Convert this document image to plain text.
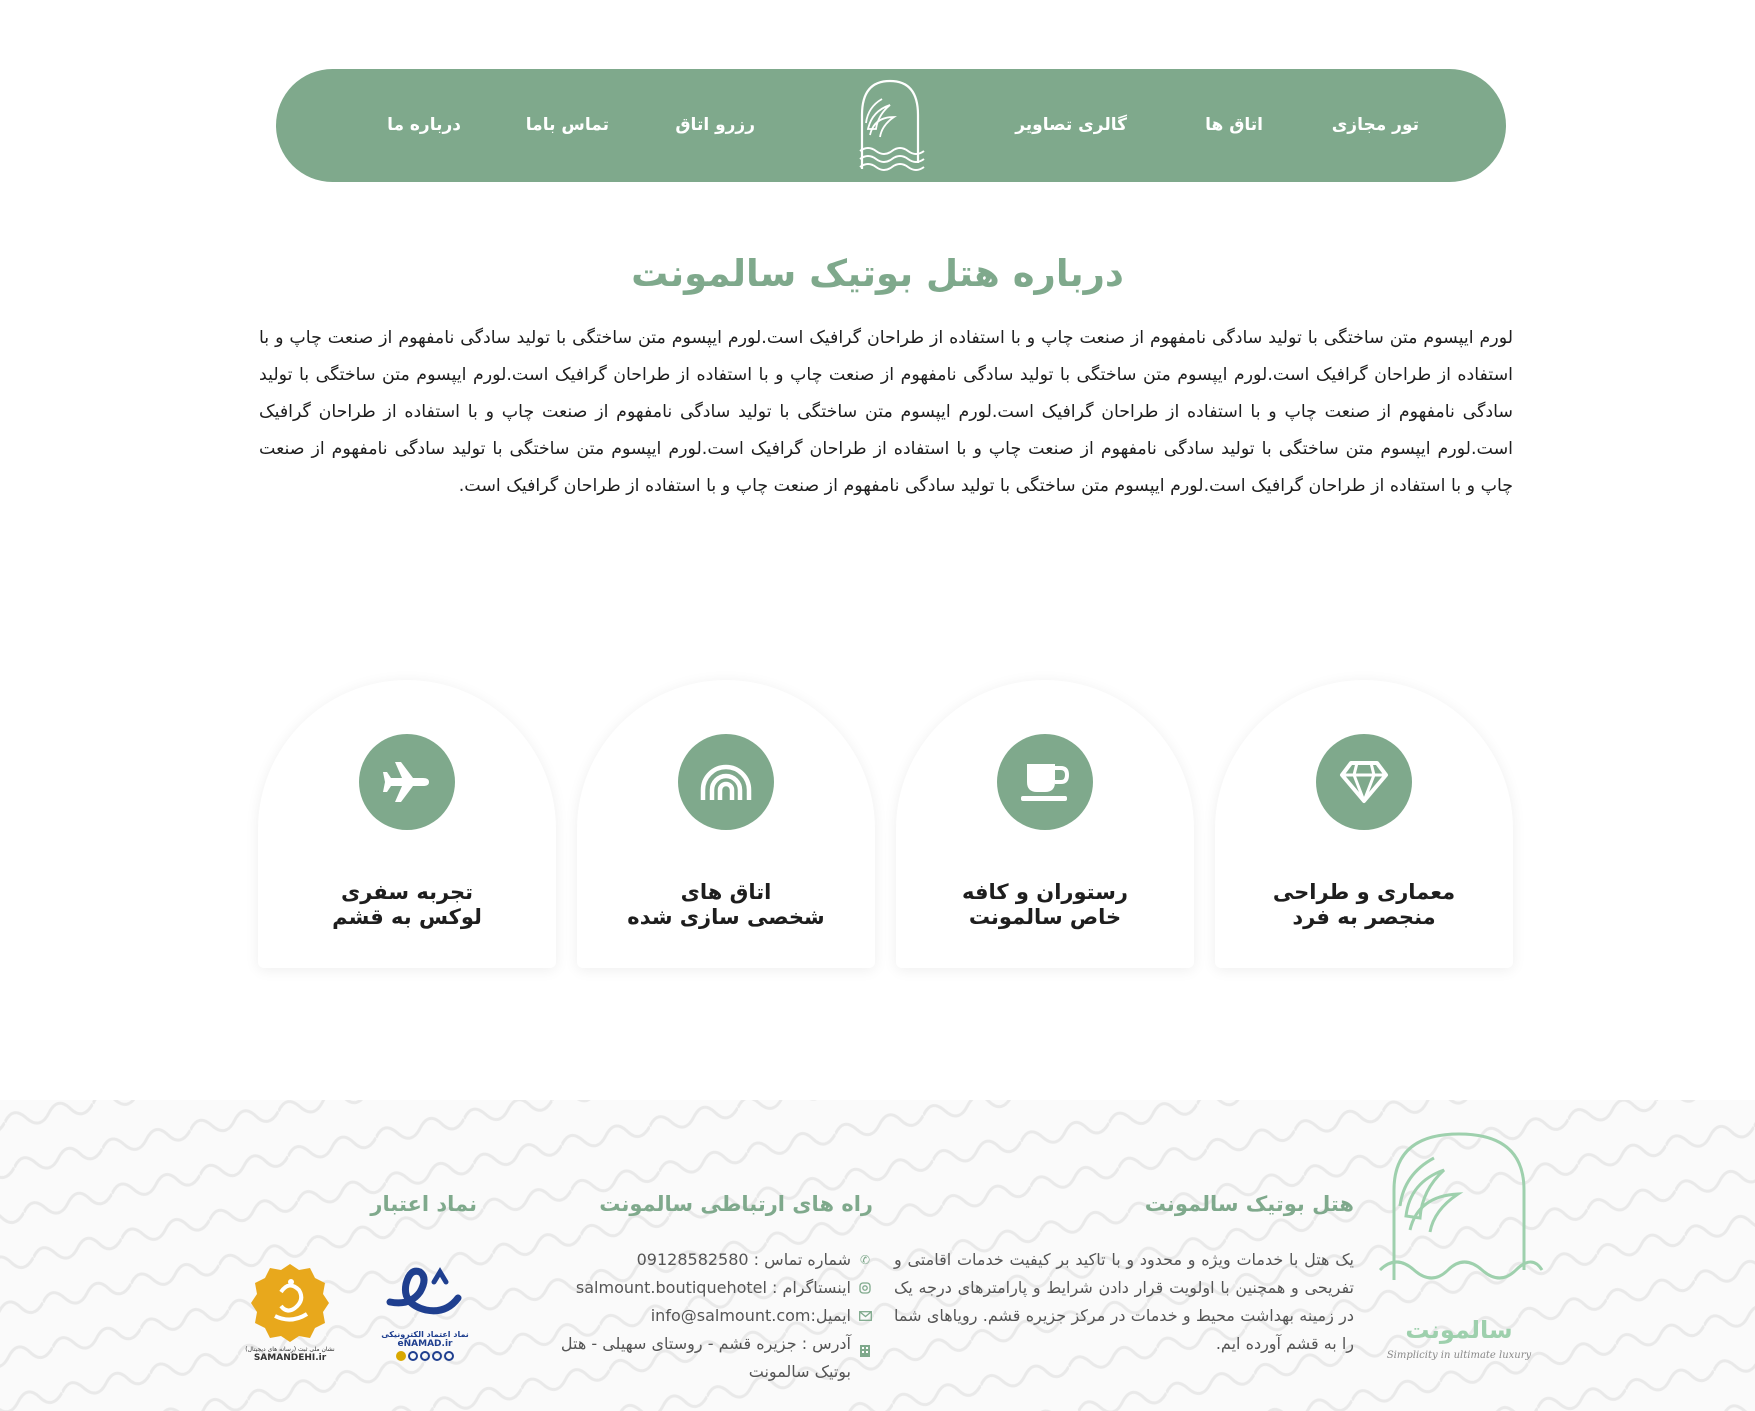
تور مجازی
اتاق ها
گالری تصاویر
رزرو اتاق
تماس باما
درباره ما
درباره هتل بوتیک سالمونت

لورم ایپسوم متن ساختگی با تولید سادگی نامفهوم از صنعت چاپ و با استفاده از طراحان گرافیک است.لورم ایپسوم متن ساختگی با تولید سادگی نامفهوم از صنعت چاپ و با استفاده از طراحان گرافیک است.لورم ایپسوم متن ساختگی با تولید سادگی نامفهوم از صنعت چاپ و با استفاده از طراحان گرافیک است.لورم ایپسوم متن ساختگی با تولید سادگی نامفهوم از صنعت چاپ و با استفاده از طراحان گرافیک است.لورم ایپسوم متن ساختگی با تولید سادگی نامفهوم از صنعت چاپ و با استفاده از طراحان گرافیک است.لورم ایپسوم متن ساختگی با تولید سادگی نامفهوم از صنعت چاپ و با استفاده از طراحان گرافیک است.لورم ایپسوم متن ساختگی با تولید سادگی نامفهوم از صنعت چاپ و با استفاده از طراحان گرافیک است.لورم ایپسوم متن ساختگی با تولید سادگی نامفهوم از صنعت چاپ و با استفاده از طراحان گرافیک است.

معماری و طراحی
منجصر به فرد
رستوران و کافه
خاص سالمونت
اتاق های
شخصی سازی شده
تجربه سفری
لوکس به قشم
سالمونت
Simplicity in ultimate luxury
هتل بوتیک سالمونت

یک هتل با خدمات ویژه و محدود و با تاکید بر کیفیت خدمات اقامتی و تفریحی و همچنین با اولویت قرار دادن شرایط و پارامترهای درجه یک در زمینه بهداشت محیط و خدمات در مرکز جزیره قشم. رویاهای شما را به قشم آورده ایم.

راه های ارتباطی سالمونت
✆
شماره تماس : 09128582580
اینستاگرام : salmount.boutiquehotel
ایمیل:info@salmount.com
آدرس : جزیره قشم - روستای سهیلی - هتل بوتیک سالمونت
نماد اعتبار
نماد اعتماد الکترونیکی
eNAMAD.ir
نشان ملی ثبت (رسانه های دیجیتال)
SAMANDEHI.ir
